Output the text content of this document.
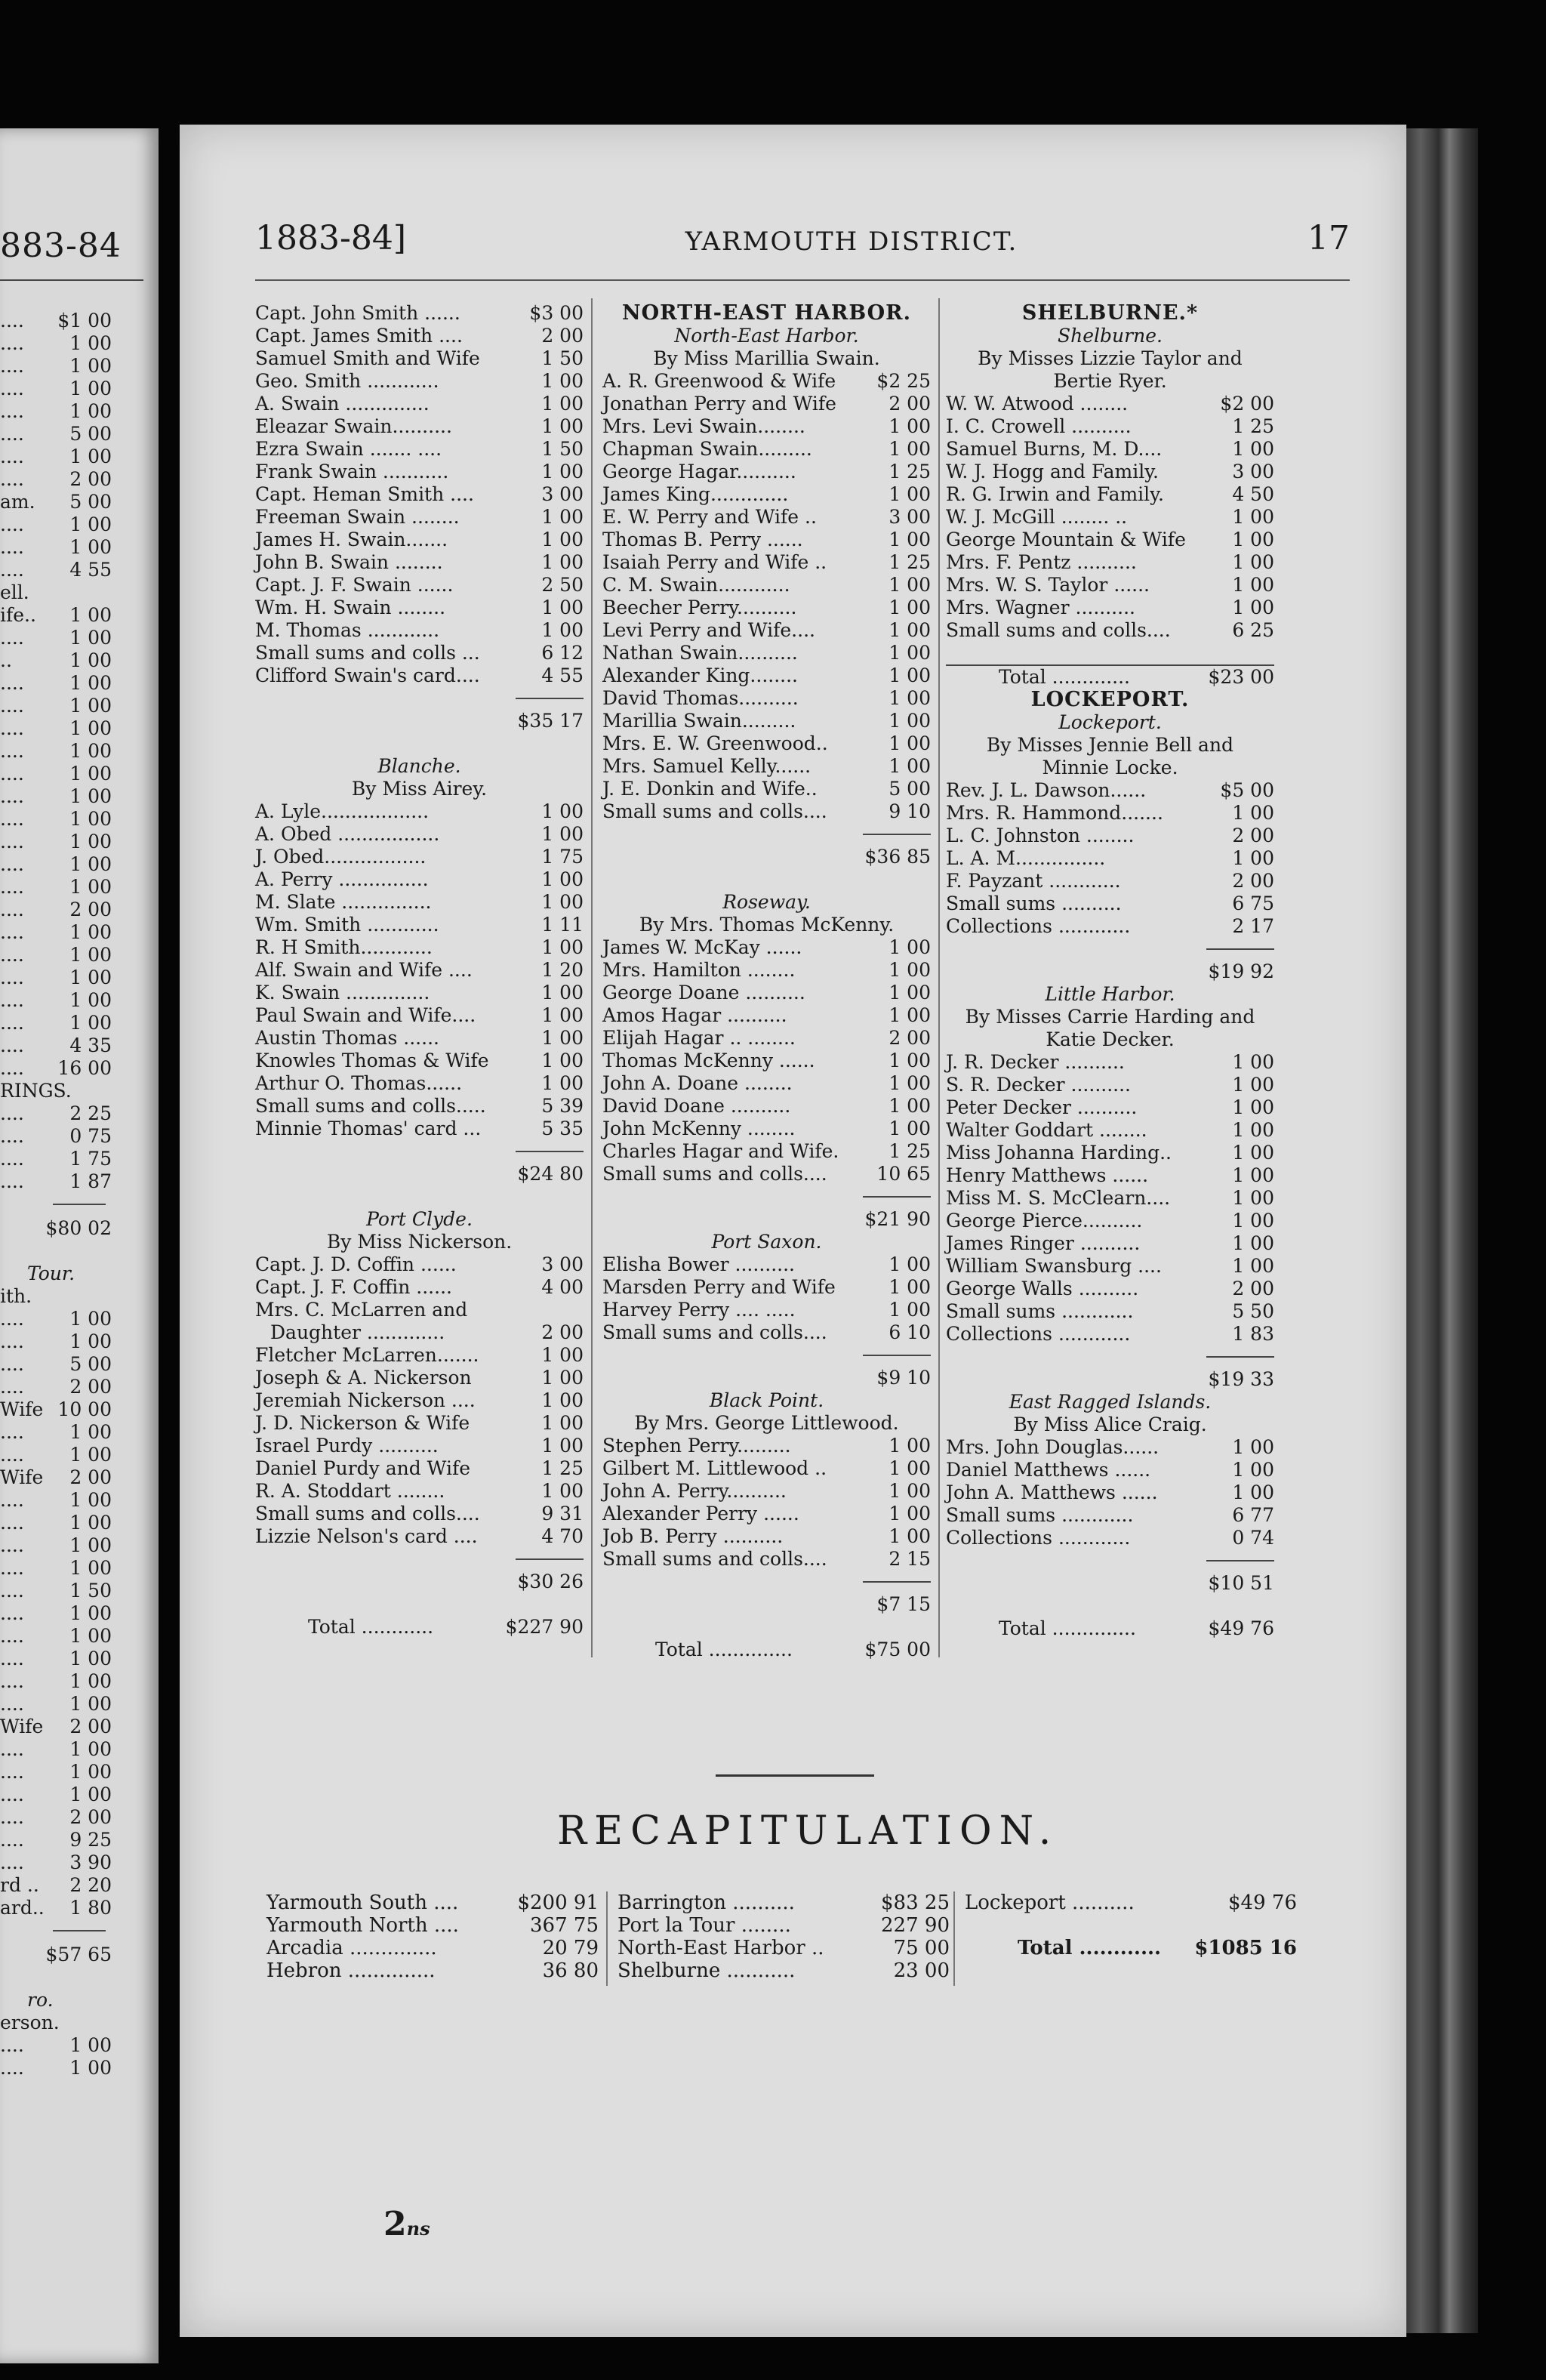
883-84
.... $1 00
.... 1 00
.... 1 00
.... 1 00
.... 1 00
.... 5 00
.... 1 00
.... 2 00
am. 5 00
.... 1 00
.... 1 00
.... 4 55
ell.
ife.. 1 00
.... 1 00
..	1 00
.... 1 00
.... 1 00
.... 1 00
.... 1 00
.... 1 00
.... 1 00
.... 1 00
.... 1 00
.... 1 00
.... 1 00
.... 2 00
.... 1 00
.... 1 00
.... 1 00
.... 1 00
.... 1 00
.... 4 35
.... 16 00
RINGS.
.... 2 25
.... 0 75
.... 1 75
.... 1 87
$80 02
Tour.
ith.
.... 1 00
.... 1 00
.... 5 00
.... 2 00
Wife 10 00
.... 1 00
.... 1 00
Wife 2 00
.... 1 00
.... 1 00
.... 1 00
.... 1 00
.... 1 50
.... 1 00
.... 1 00
.... 1 00
.... 1 00
.... 1 00
Wife 2 00
.... 1 00
.... 1 00
.... 1 00
.... 2 00
.... 9 25
.... 3 90
rd .. 2 20
ard.. 1 80
$57 65
ro.
erson.
.... 1 00
.... 1 00
1883-84]	YARMOUTH DISTRICT.	17
Capt. John Smith ......	$3 00
Capt. James Smith ....	2 00
Samuel Smith and Wife	1 50
Geo. Smith ............	1 00
A. Swain ..............	1 00
Eleazar Swain..........	1 00
Ezra Swain ....... ....	1 50
Frank Swain ...........	1 00
Capt. Heman Smith ....	3 00
Freeman Swain ........	1 00
James H. Swain.......	1 00
John B. Swain ........	1 00
Capt. J. F. Swain ......	2 50
Wm. H. Swain ........	1 00
M. Thomas ............	1 00
Small sums and colls ...	6 12
Clifford Swain's card....	4 55
$35 17
Blanche.
By Miss Airey.
A. Lyle..................	1 00
A. Obed .................	1 00
J. Obed.................	1 75
A. Perry ...............	1 00
M. Slate ...............	1 00
Wm. Smith ............	1 11
R. H Smith............	1 00
Alf. Swain and Wife ....	1 20
K. Swain ..............	1 00
Paul Swain and Wife....	1 00
Austin Thomas ......	1 00
Knowles Thomas & Wife	1 00
Arthur O. Thomas......	1 00
Small sums and colls.....	5 39
Minnie Thomas' card ...	5 35
$24 80
Port Clyde.
By Miss Nickerson.
Capt. J. D. Coffin ......	3 00
Capt. J. F. Coffin ......	4 00
Mrs. C. McLarren and
Daughter .............	2 00
Fletcher McLarren.......	1 00
Joseph & A. Nickerson	1 00
Jeremiah Nickerson ....	1 00
J. D. Nickerson & Wife	1 00
Israel Purdy ..........	1 00
Daniel Purdy and Wife	1 25
R. A. Stoddart ........	1 00
Small sums and colls....	9 31
Lizzie Nelson's card ....	4 70
$30 26
Total ............	$227 90
NORTH-EAST HARBOR.
North-East Harbor.
By Miss Marillia Swain.
A. R. Greenwood & Wife $2 25
Jonathan Perry and Wife	2 00
Mrs. Levi Swain........	1 00
Chapman Swain.........	1 00
George Hagar..........	1 25
James King.............	1 00
E. W. Perry and Wife ..	3 00
Thomas B. Perry ......	1 00
Isaiah Perry and Wife ..	1 25
C. M. Swain............	1 00
Beecher Perry..........	1 00
Levi Perry and Wife....	1 00
Nathan Swain..........	1 00
Alexander King........	1 00
David Thomas..........	1 00
Marillia Swain.........	1 00
Mrs. E. W. Greenwood..	1 00
Mrs. Samuel Kelly......	1 00
J. E. Donkin and Wife..	5 00
Small sums and colls....	9 10
$36 85
Roseway.
By Mrs. Thomas McKenny.
James W. McKay ......	1 00
Mrs. Hamilton ........	1 00
George Doane ..........	1 00
Amos Hagar ..........	1 00
Elijah Hagar .. ........	2 00
Thomas McKenny ......	1 00
John A. Doane ........	1 00
David Doane ..........	1 00
John McKenny ........	1 00
Charles Hagar and Wife.	1 25
Small sums and colls....	10 65
$21 90
Port Saxon.
Elisha Bower ..........	1 00
Marsden Perry and Wife	1 00
Harvey Perry .... .....	1 00
Small sums and colls....	6 10
$9 10
Black Point.
By Mrs. George Littlewood.
Stephen Perry.........	1 00
Gilbert M. Littlewood ..	1 00
John A. Perry..........	1 00
Alexander Perry ......	1 00
Job B. Perry ..........	1 00
Small sums and colls....	2 15
$7 15
Total ..............	$75 00
SHELBURNE.*
Shelburne.
By Misses Lizzie Taylor and
Bertie Ryer.
W. W. Atwood ........	$2 00
I. C. Crowell ..........	1 25
Samuel Burns, M. D....	1 00
W. J. Hogg and Family.	3 00
R. G. Irwin and Family.	4 50
W. J. McGill ........ ..	1 00
George Mountain & Wife 1 00
Mrs. F. Pentz ..........	1 00
Mrs. W. S. Taylor ......	1 00
Mrs. Wagner ..........	1 00
Small sums and colls....	6 25
Total .............	$23 00
LOCKEPORT.
Lockeport.
By Misses Jennie Bell and
Minnie Locke.
Rev. J. L. Dawson......	$5 00
Mrs. R. Hammond.......	1 00
L. C. Johnston ........	2 00
L. A. M...............	1 00
F. Payzant ............	2 00
Small sums ..........	6 75
Collections ............	2 17
$19 92
Little Harbor.
By Misses Carrie Harding and
Katie Decker.
J. R. Decker ..........	1 00
S. R. Decker ..........	1 00
Peter Decker ..........	1 00
Walter Goddart ........	1 00
Miss Johanna Harding..	1 00
Henry Matthews ......	1 00
Miss M. S. McClearn....	1 00
George Pierce..........	1 00
James Ringer ..........	1 00
William Swansburg ....	1 00
George Walls ..........	2 00
Small sums ............	5 50
Collections ............	1 83
$19 33
East Ragged Islands.
By Miss Alice Craig.
Mrs. John Douglas......	1 00
Daniel Matthews ......	1 00
John A. Matthews ......	1 00
Small sums ............	6 77
Collections ............	0 74
$10 51
Total ..............	$49 76
RECAPITULATION.
Yarmouth South ....	$200 91
Yarmouth North ....	367 75
Arcadia ..............	20 79
Hebron ..............	36 80
Barrington ..........	$83 25
Port la Tour ........	227 90
North-East Harbor ..	75 00
Shelburne ...........	23 00
Lockeport ..........	$49 76
Total ............ $1085 16
2ns
